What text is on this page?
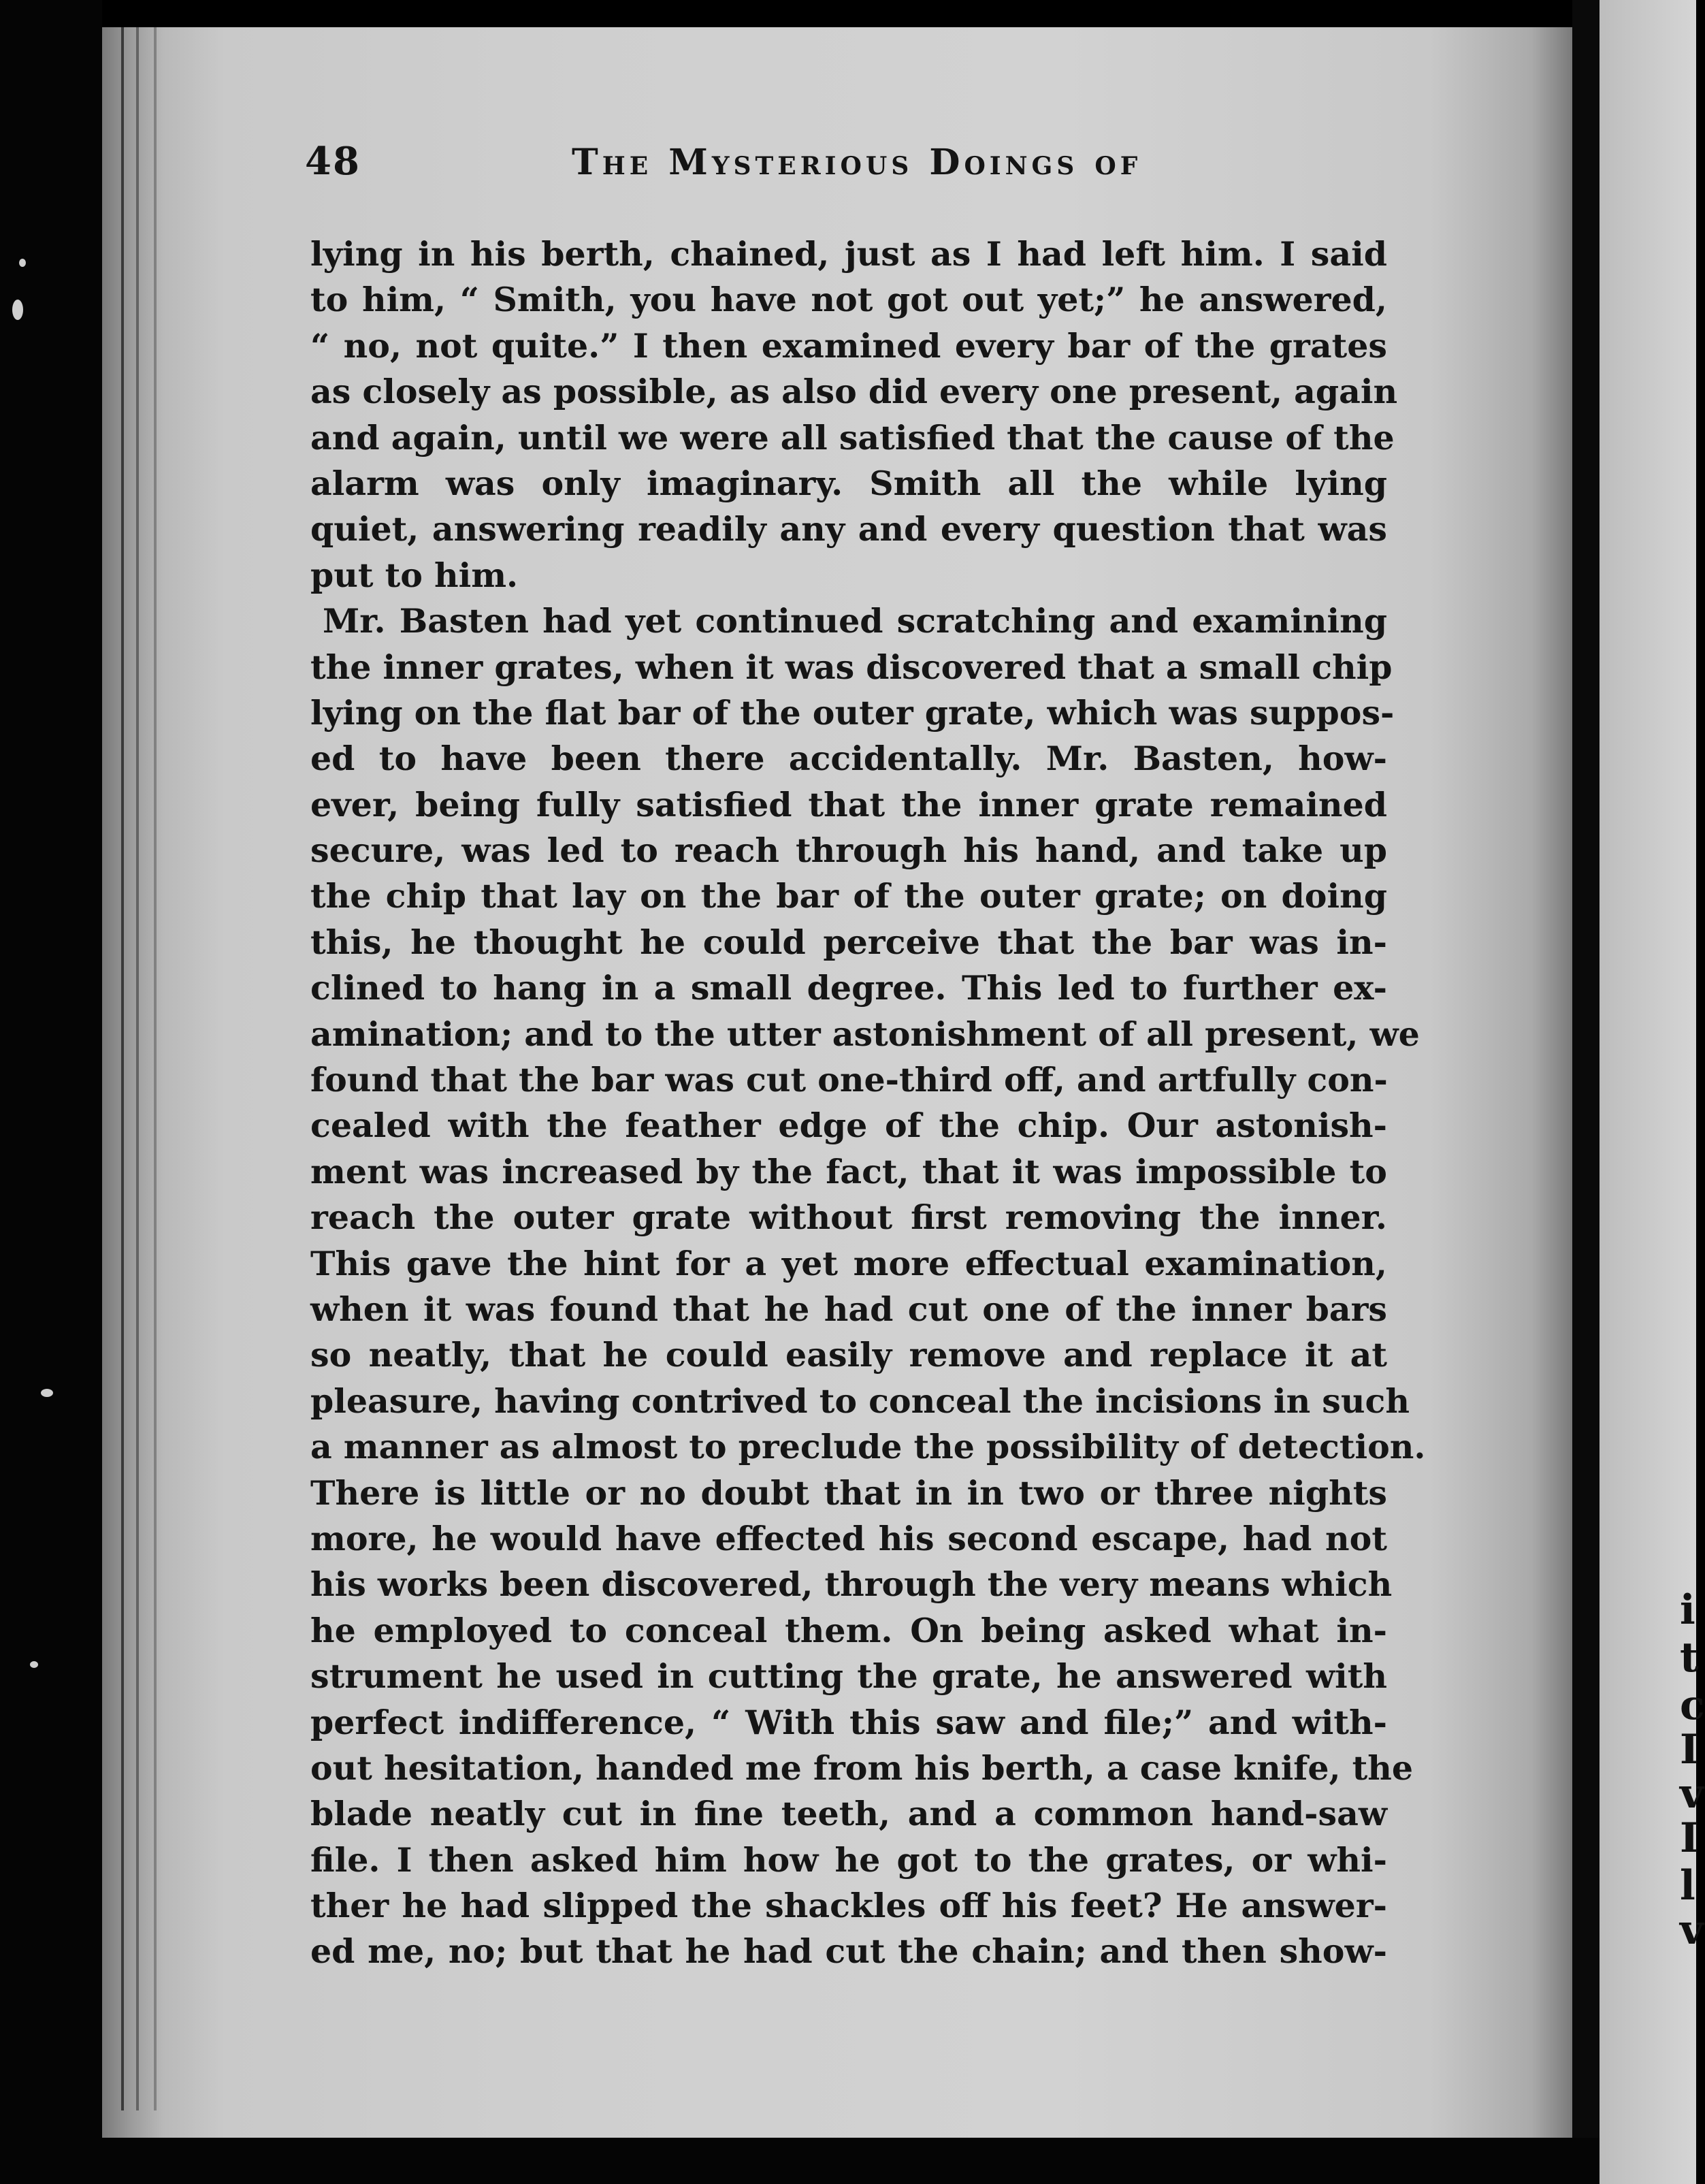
i
t
c
I
v
I
l
v
48	The Mysterious Doings of
lying in his berth, chained, just as I had left him. I said
to him, “ Smith, you have not got out yet;” he answered,
“ no, not quite.” I then examined every bar of the grates
as closely as possible, as also did every one present, again
and again, until we were all satisfied that the cause of the
alarm was only imaginary. Smith all the while lying
quiet, answering readily any and every question that was
put to him.
Mr. Basten had yet continued scratching and examining
the inner grates, when it was discovered that a small chip
lying on the flat bar of the outer grate, which was suppos-
ed to have been there accidentally. Mr. Basten, how-
ever, being fully satisfied that the inner grate remained
secure, was led to reach through his hand, and take up
the chip that lay on the bar of the outer grate; on doing
this, he thought he could perceive that the bar was in-
clined to hang in a small degree. This led to further ex-
amination; and to the utter astonishment of all present, we
found that the bar was cut one-third off, and artfully con-
cealed with the feather edge of the chip. Our astonish-
ment was increased by the fact, that it was impossible to
reach the outer grate without first removing the inner.
This gave the hint for a yet more effectual examination,
when it was found that he had cut one of the inner bars
so neatly, that he could easily remove and replace it at
pleasure, having contrived to conceal the incisions in such
a manner as almost to preclude the possibility of detection.
There is little or no doubt that in in two or three nights
more, he would have effected his second escape, had not
his works been discovered, through the very means which
he employed to conceal them. On being asked what in-
strument he used in cutting the grate, he answered with
perfect indifference, “ With this saw and file;” and with-
out hesitation, handed me from his berth, a case knife, the
blade neatly cut in fine teeth, and a common hand-saw
file. I then asked him how he got to the grates, or whi-
ther he had slipped the shackles off his feet? He answer-
ed me, no; but that he had cut the chain; and then show-
